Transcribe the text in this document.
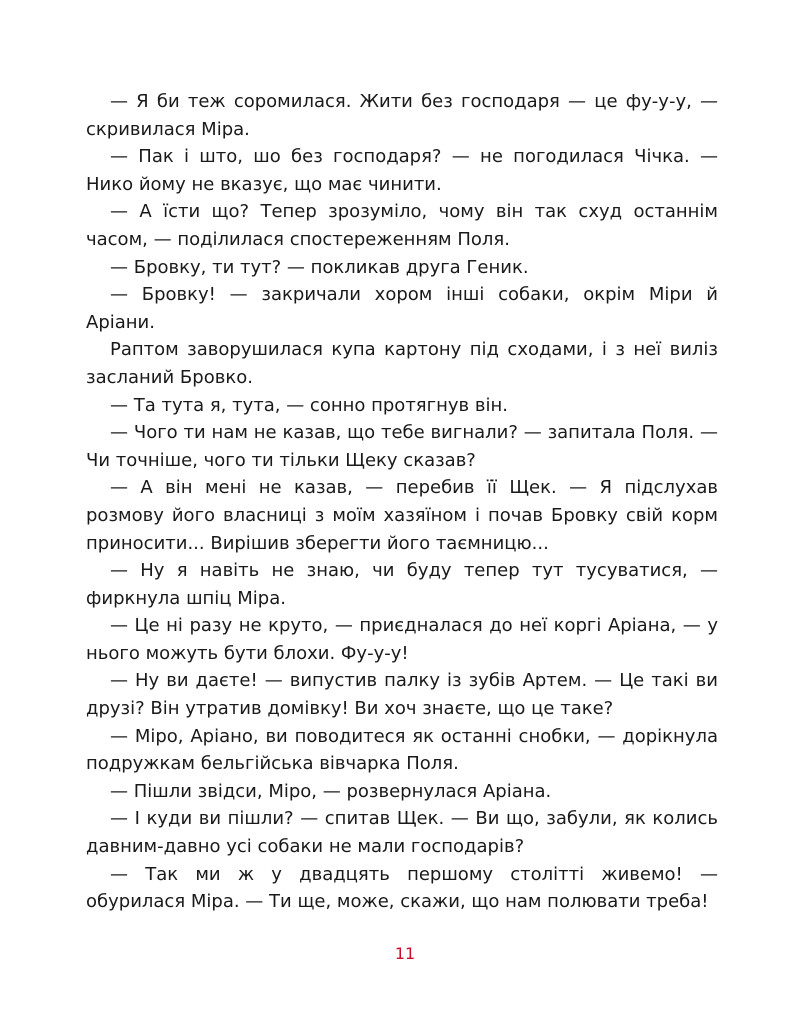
— Я би теж соромилася. Жити без господаря — це фу-у-у, — скривилася Міра.

— Пак і што, шо без господаря? — не погодилася Чічка. — Нико йому не вказує, що має чинити.

— А їсти що? Тепер зрозуміло, чому він так схуд останнім часом, — поділилася спостереженням Поля.

— Бровку, ти тут? — покликав друга Геник.

— Бровку! — закричали хором інші собаки, окрім Міри й Аріани.

Раптом заворушилася купа картону під сходами, і з неї виліз засланий Бровко.

— Та тута я, тута, — сонно протягнув він.

— Чого ти нам не казав, що тебе вигнали? — запитала Поля. — Чи точніше, чого ти тільки Щеку сказав?

— А він мені не казав, — перебив її Щек. — Я підслухав розмову його власниці з моїм хазяїном і почав Бровку свій корм приносити... Вирішив зберегти його таємницю...

— Ну я навіть не знаю, чи буду тепер тут тусуватися, — фиркнула шпіц Міра.

— Це ні разу не круто, — приєдналася до неї коргі Аріана, — у нього можуть бути блохи. Фу-у-у!

— Ну ви даєте! — випустив палку із зубів Артем. — Це такі ви друзі? Він утратив домівку! Ви хоч знаєте, що це таке?

— Міро, Аріано, ви поводитеся як останні снобки, — дорікнула подружкам бельгійська вівчарка Поля.

— Пішли звідси, Міро, — розвернулася Аріана.

— І куди ви пішли? — спитав Щек. — Ви що, забули, як колись давним-давно усі собаки не мали господарів?

— Так ми ж у двадцять першому столітті живемо! — обурилася Міра. — Ти ще, може, скажи, що нам полювати треба!

11
